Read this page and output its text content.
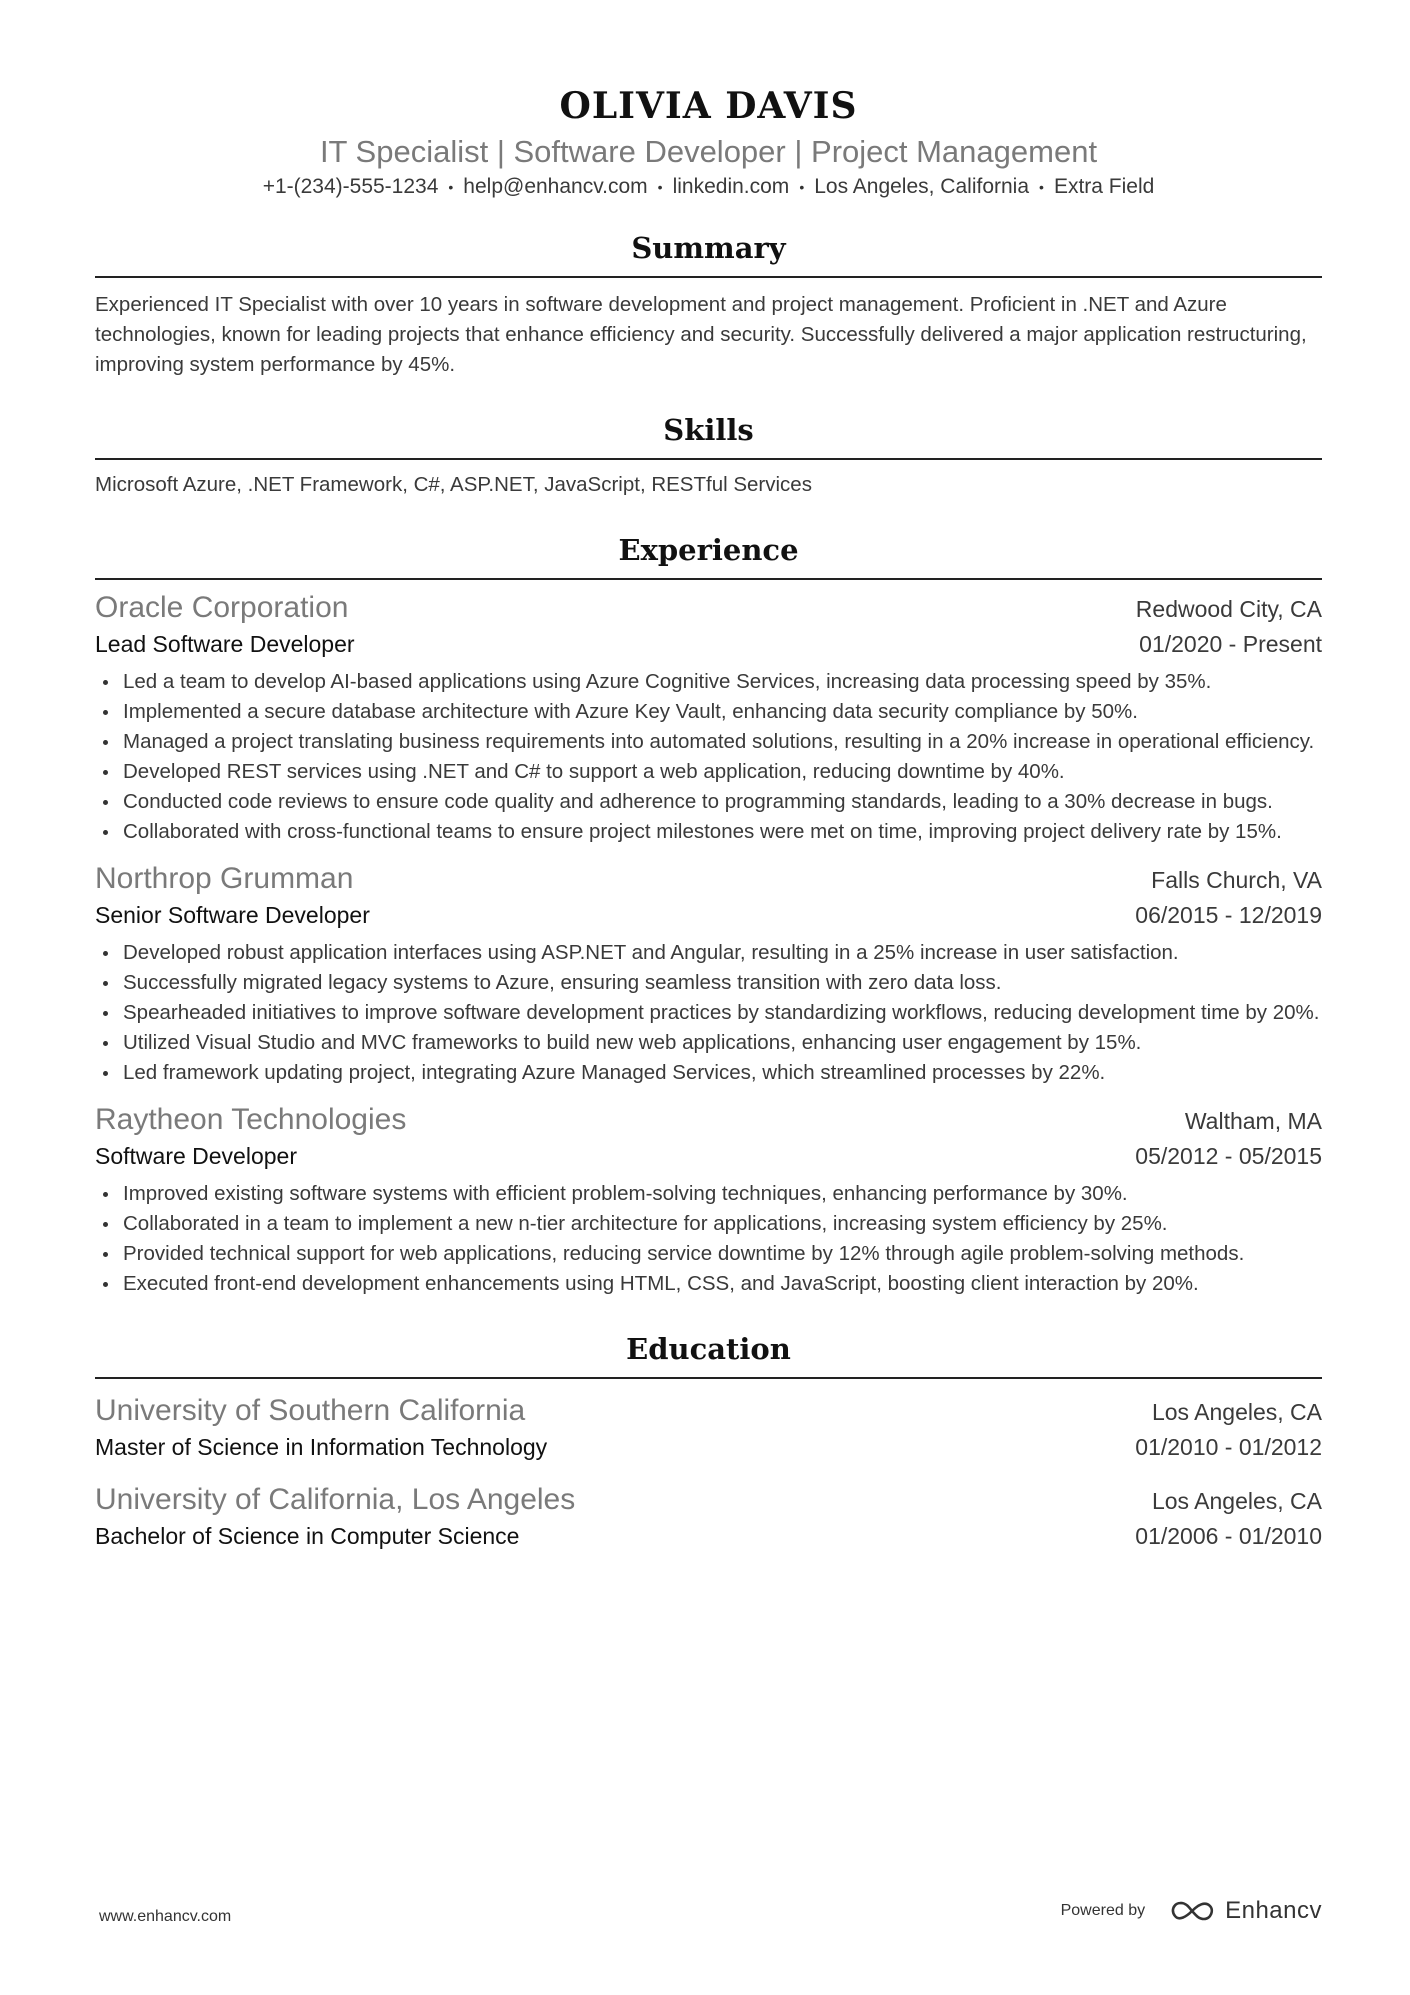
OLIVIA DAVIS
IT Specialist | Software Developer | Project Management
+1-(234)-555-1234 • help@enhancv.com • linkedin.com • Los Angeles, California • Extra Field
Summary
Experienced IT Specialist with over 10 years in software development and project management. Proficient in .NET and Azure technologies, known for leading projects that enhance efficiency and security. Successfully delivered a major application restructuring, improving system performance by 45%.
Skills
Microsoft Azure, .NET Framework, C#, ASP.NET, JavaScript, RESTful Services
Experience
Oracle Corporation	Redwood City, CA
Lead Software Developer	01/2020 - Present
Led a team to develop AI-based applications using Azure Cognitive Services, increasing data processing speed by 35%.
Implemented a secure database architecture with Azure Key Vault, enhancing data security compliance by 50%.
Managed a project translating business requirements into automated solutions, resulting in a 20% increase in operational efficiency.
Developed REST services using .NET and C# to support a web application, reducing downtime by 40%.
Conducted code reviews to ensure code quality and adherence to programming standards, leading to a 30% decrease in bugs.
Collaborated with cross-functional teams to ensure project milestones were met on time, improving project delivery rate by 15%.
Northrop Grumman	Falls Church, VA
Senior Software Developer	06/2015 - 12/2019
Developed robust application interfaces using ASP.NET and Angular, resulting in a 25% increase in user satisfaction.
Successfully migrated legacy systems to Azure, ensuring seamless transition with zero data loss.
Spearheaded initiatives to improve software development practices by standardizing workflows, reducing development time by 20%.
Utilized Visual Studio and MVC frameworks to build new web applications, enhancing user engagement by 15%.
Led framework updating project, integrating Azure Managed Services, which streamlined processes by 22%.
Raytheon Technologies	Waltham, MA
Software Developer	05/2012 - 05/2015
Improved existing software systems with efficient problem-solving techniques, enhancing performance by 30%.
Collaborated in a team to implement a new n-tier architecture for applications, increasing system efficiency by 25%.
Provided technical support for web applications, reducing service downtime by 12% through agile problem-solving methods.
Executed front-end development enhancements using HTML, CSS, and JavaScript, boosting client interaction by 20%.
Education
University of Southern California	Los Angeles, CA
Master of Science in Information Technology	01/2010 - 01/2012
University of California, Los Angeles	Los Angeles, CA
Bachelor of Science in Computer Science	01/2006 - 01/2010
www.enhancv.com	Powered by	Enhancv
